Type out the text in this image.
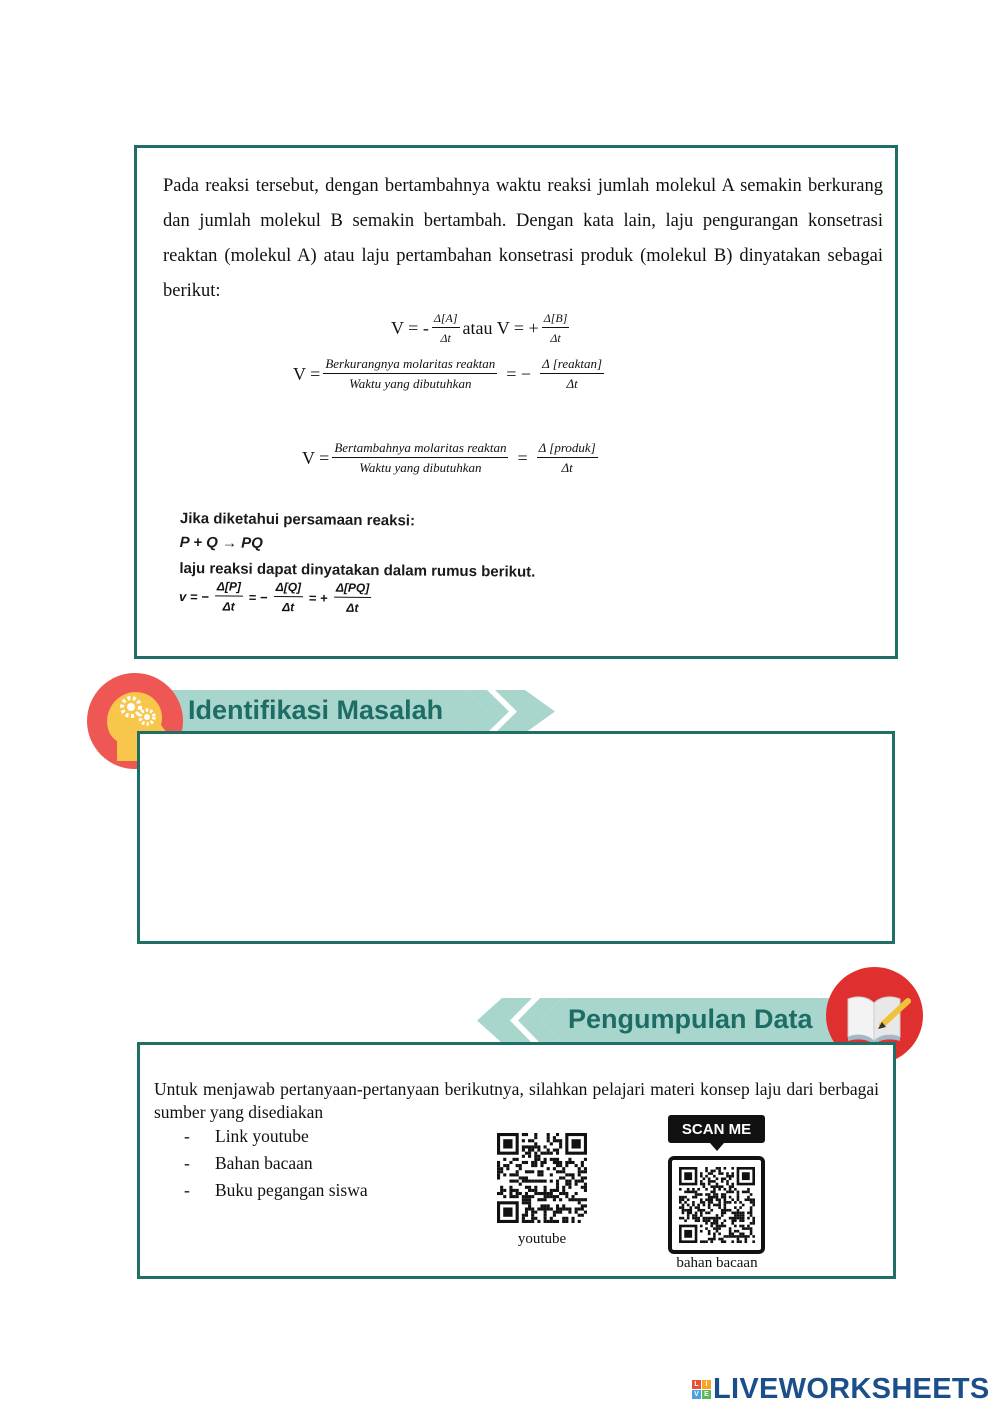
Pada reaksi tersebut, dengan bertambahnya waktu reaksi jumlah molekul A semakin berkurang dan jumlah molekul B semakin bertambah. Dengan kata lain, laju pengurangan konsetrasi reaktan (molekul A) atau laju pertambahan konsetrasi produk (molekul B) dinyatakan sebagai berikut:
V = - $\frac{\Delta[A]}{\Delta t}$ atau V = + $\frac{\Delta[B]}{\Delta t}$
$V = \frac{\text{Berkurangnya molaritas reaktan}}{\text{Waktu yang dibutuhkan}}$ = − $\frac{\text{Δ [reaktan]}}{\Delta t}$
$V = \frac{\text{Bertambahnya molaritas reaktan}}{\text{Waktu yang dibutuhkan}} = \frac{\text{Δ [produk]}}{\Delta t}$
Jika diketahui persamaan reaksi:
P + Q → PQ
laju reaksi dapat dinyatakan dalam rumus berikut.
v = − $\frac{\Delta[P]}{\Delta t}$ = − $\frac{\Delta[Q]}{\Delta t}$ = + $\frac{\Delta[PQ]}{\Delta t}$
Identifikasi Masalah
Pengumpulan Data
Untuk menjawab pertanyaan-pertanyaan berikutnya, silahkan pelajari materi konsep laju dari berbagai sumber yang disediakan
-	Link youtube
-	Bahan bacaan
-	Buku pegangan siswa
youtube
SCAN ME
bahan bacaan
L I
V E LIVEWORKSHEETS
